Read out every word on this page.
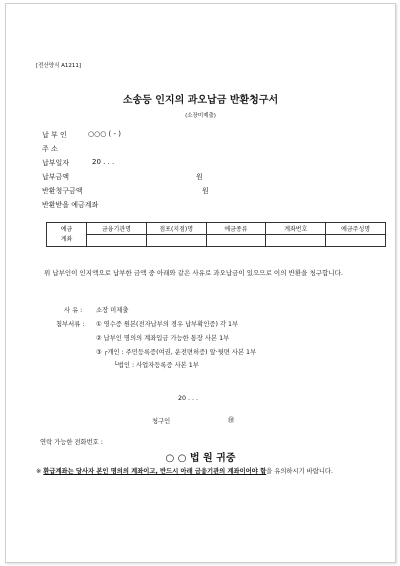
[전산양식 A1211]
소송등 인지의 과오납금 반환청구서
(소장미제출)
납 부 인	○○○ ( - )
주 소
납부일자	20 . . .
납부금액	원
반환청구금액	원
반환받을 예금계좌
예금
계좌	금융기관명	점포(지점)명	예금종류	계좌번호	예금주성명

위 납부인이 인지액으로 납부한 금액 중 아래와 같은 사유로 과오납금이 있으므로 이의 반환을 청구합니다.
사 유 : 소장 미제출
첨부서류 : ① 영수증 원본(전자납부의 경우 납부확인증) 각 1부
② 납부인 명의의 계좌입금 가능한 통장 사본 1부
③ ┌개인 : 주민등록증(여권, 운전면허증) 앞·뒷면 사본 1부
└법인 : 사업자등록증 사본 1부
20 . . .
청구인	㊞
연락 가능한 전화번호 :
○ ○ 법 원 귀중
※ 환급계좌는 당사자 본인 명의의 계좌이고, 반드시 아래 금융기관의 계좌이어야 함을 유의하시기 바랍니다.
